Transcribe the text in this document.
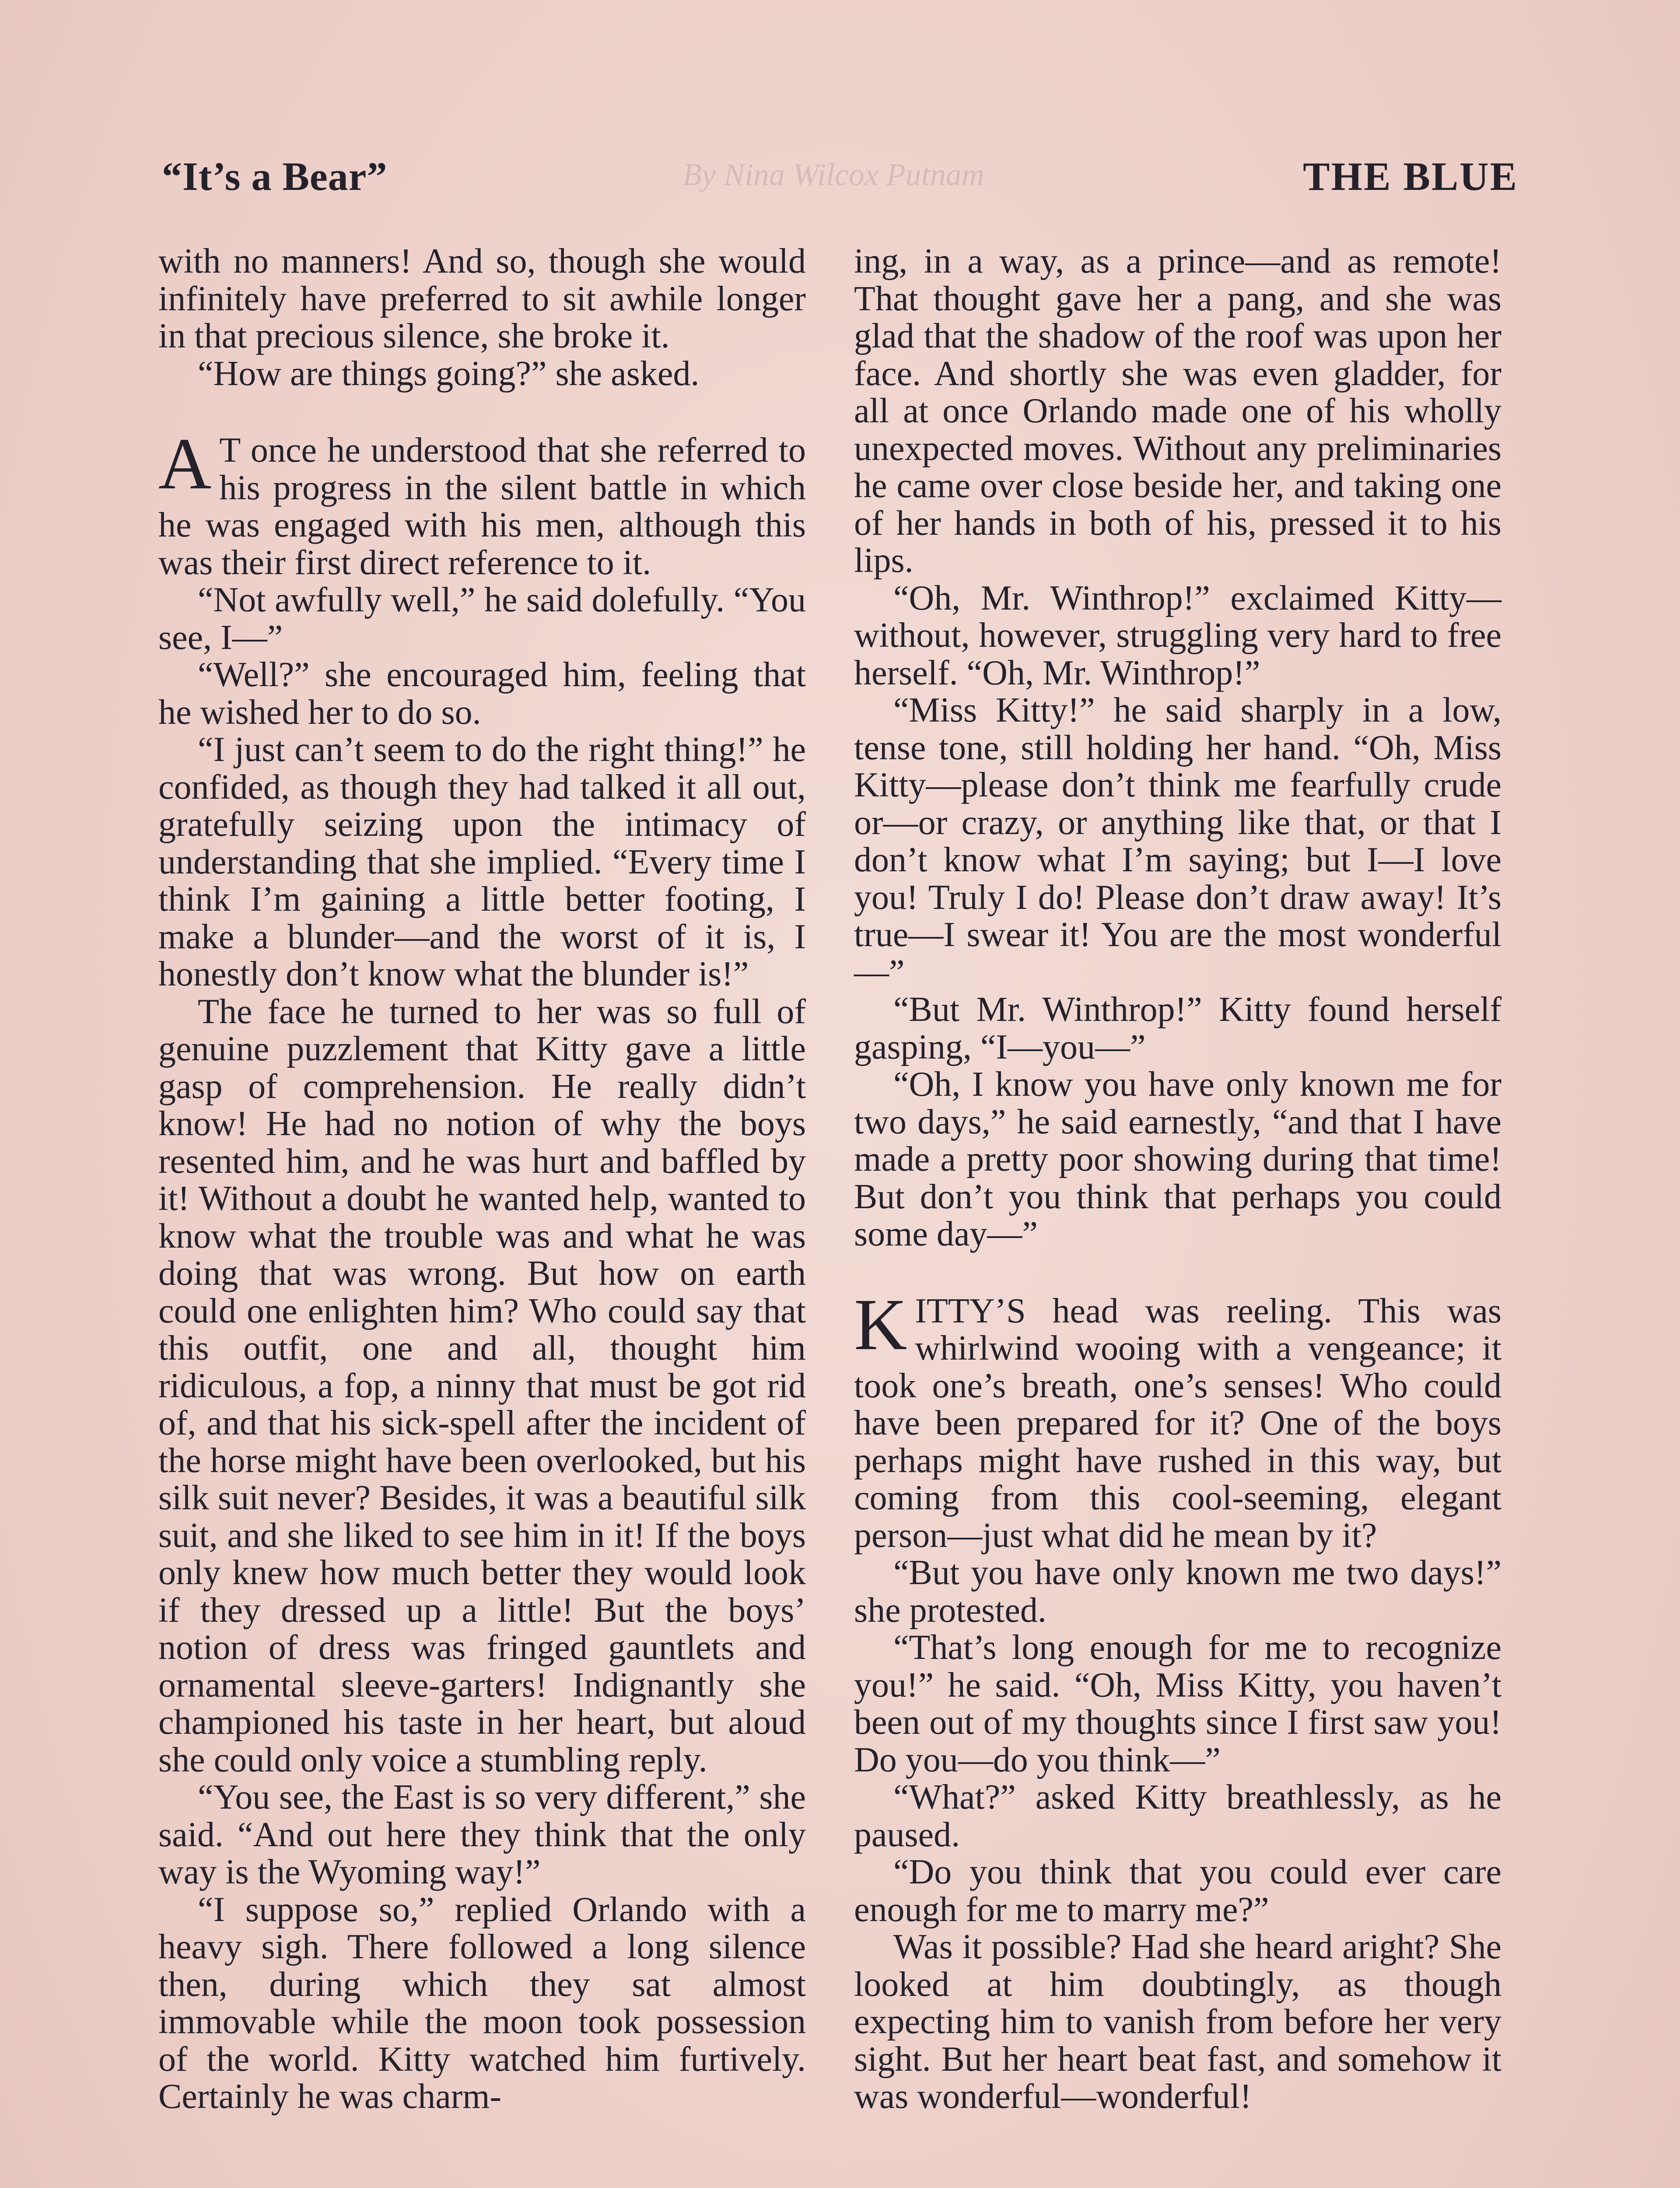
By Nina Wilcox Putnam
“It’s a Bear”	THE BLUE

with no manners! And so, though she would infinitely have preferred to sit awhile longer in that precious silence, she broke it.

“How are things going?” she asked.

A T once he understood that she referred to his progress in the silent battle in which he was engaged with his men, although this was their first direct reference to it.

“Not awfully well,” he said dolefully. “You see, I—”

“Well?” she encouraged him, feeling that he wished her to do so.

“I just can’t seem to do the right thing!” he confided, as though they had talked it all out, gratefully seizing upon the intimacy of understanding that she implied. “Every time I think I’m gaining a little better footing, I make a blunder—and the worst of it is, I honestly don’t know what the blunder is!”

The face he turned to her was so full of genuine puzzlement that Kitty gave a little gasp of comprehension. He really didn’t know! He had no notion of why the boys resented him, and he was hurt and baffled by it! Without a doubt he wanted help, wanted to know what the trouble was and what he was doing that was wrong. But how on earth could one enlighten him? Who could say that this outfit, one and all, thought him ridiculous, a fop, a ninny that must be got rid of, and that his sick-spell after the incident of the horse might have been overlooked, but his silk suit never? Besides, it was a beautiful silk suit, and she liked to see him in it! If the boys only knew how much better they would look if they dressed up a little! But the boys’ notion of dress was fringed gauntlets and ornamental sleeve-garters! Indignantly she championed his taste in her heart, but aloud she could only voice a stumbling reply.

“You see, the East is so very different,” she said. “And out here they think that the only way is the Wyoming way!”

“I suppose so,” replied Orlando with a heavy sigh. There followed a long silence then, during which they sat almost immovable while the moon took possession of the world. Kitty watched him furtively. Certainly he was charm-

ing, in a way, as a prince—and as remote! That thought gave her a pang, and she was glad that the shadow of the roof was upon her face. And shortly she was even gladder, for all at once Orlando made one of his wholly unexpected moves. Without any preliminaries he came over close beside her, and taking one of her hands in both of his, pressed it to his lips.

“Oh, Mr. Winthrop!” exclaimed Kitty—without, however, struggling very hard to free herself. “Oh, Mr. Winthrop!”

“Miss Kitty!” he said sharply in a low, tense tone, still holding her hand. “Oh, Miss Kitty—please don’t think me fearfully crude or—or crazy, or anything like that, or that I don’t know what I’m saying; but I—I love you! Truly I do! Please don’t draw away! It’s true—I swear it! You are the most wonderful—”

“But Mr. Winthrop!” Kitty found herself gasping, “I—you—”

“Oh, I know you have only known me for two days,” he said earnestly, “and that I have made a pretty poor showing during that time! But don’t you think that perhaps you could some day—”

KITTY’S head was reeling. This was whirlwind wooing with a vengeance; it took one’s breath, one’s senses! Who could have been prepared for it? One of the boys perhaps might have rushed in this way, but coming from this cool-seeming, elegant person—just what did he mean by it?

“But you have only known me two days!” she protested.

“That’s long enough for me to recognize you!” he said. “Oh, Miss Kitty, you haven’t been out of my thoughts since I first saw you! Do you—do you think—”

“What?” asked Kitty breathlessly, as he paused.

“Do you think that you could ever care enough for me to marry me?”

Was it possible? Had she heard aright? She looked at him doubtingly, as though expecting him to vanish from before her very sight. But her heart beat fast, and somehow it was wonderful—wonderful!
